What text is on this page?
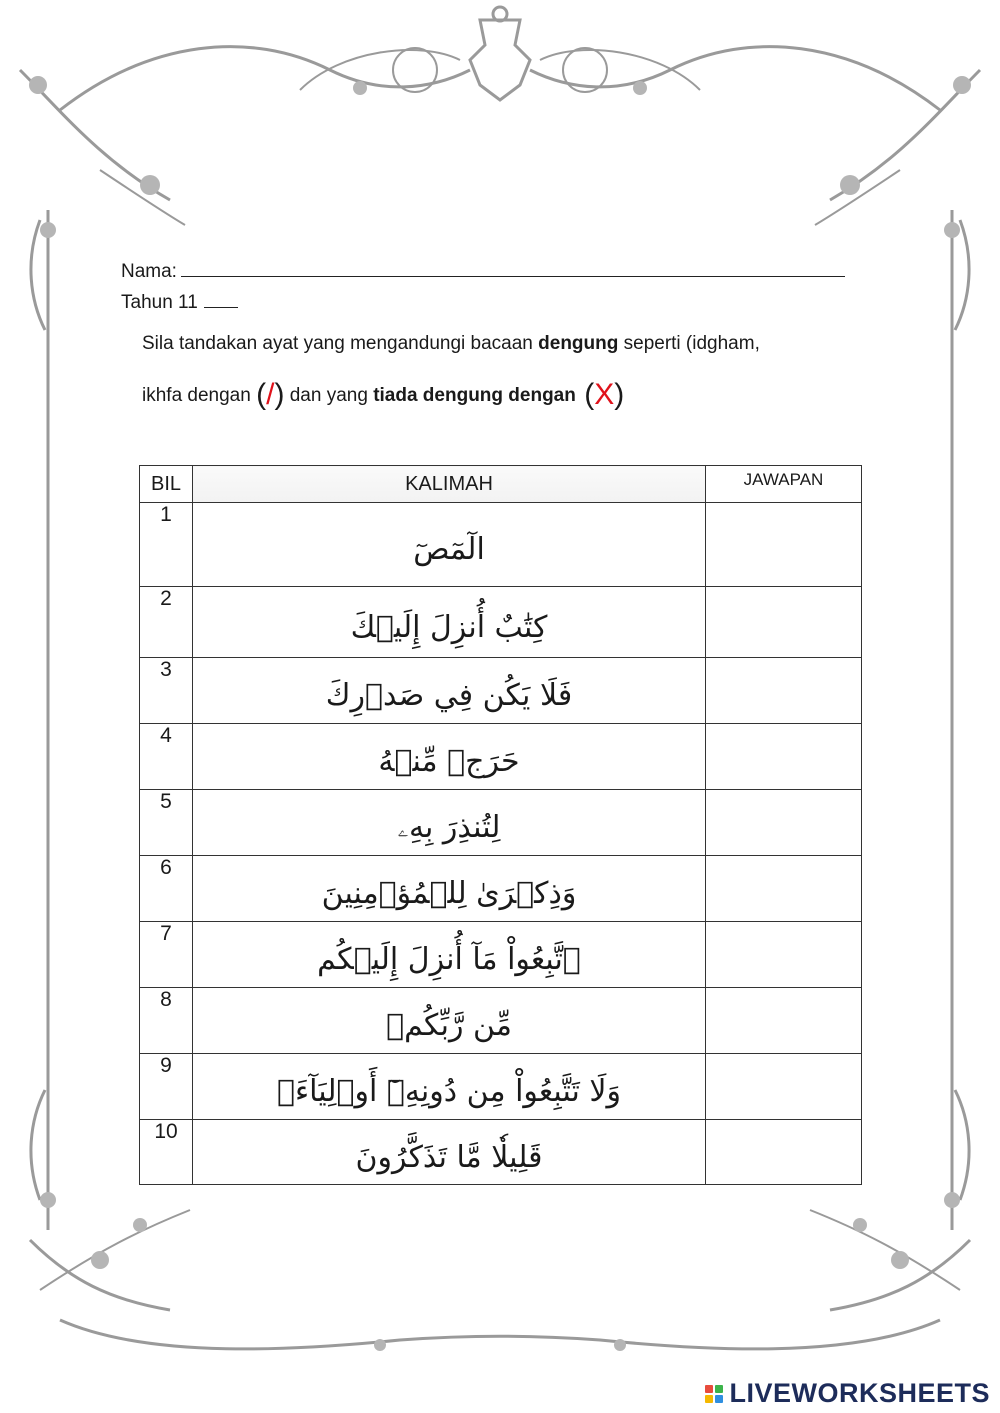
Nama:
Tahun 11
Sila tandakan ayat yang mengandungi bacaan dengung seperti (idgham,
ikhfa dengan (/) dan yang tiada dengung dengan (X)
BIL	KALIMAH	JAWAPAN
1	الٓمٓصٓ	
2	كِتَٰبٌ أُنزِلَ إِلَيۡكَ	
3	فَلَا يَكُن فِي صَدۡرِكَ	
4	حَرَجٞ مِّنۡهُ	
5	لِتُنذِرَ بِهِۦ	
6	وَذِكۡرَىٰ لِلۡمُؤۡمِنِينَ	
7	ٱتَّبِعُواْ مَآ أُنزِلَ إِلَيۡكُم	
8	مِّن رَّبِّكُمۡ	
9	وَلَا تَتَّبِعُواْ مِن دُونِهِۦٓ أَوۡلِيَآءَۗ	
10	قَلِيلٗا مَّا تَذَكَّرُونَ	
LIVEWORKSHEETS
